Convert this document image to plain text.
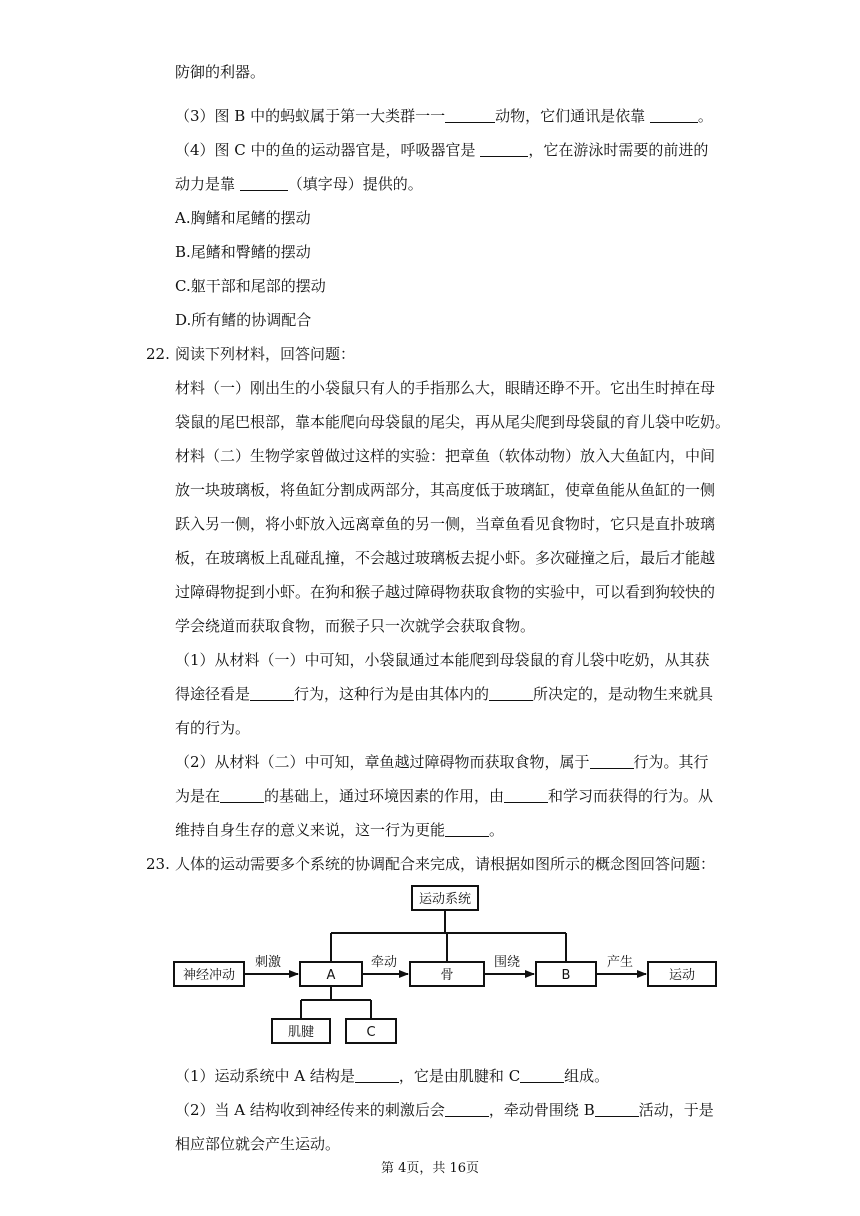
防御的利器。
（3）图 B 中的蚂蚁属于第一大类群一一	动物，它们通讯是依靠	。
（4）图 C 中的鱼的运动器官是，呼吸器官是	，它在游泳时需要的前进的
动力是靠	（填字母）提供的。
A.胸鳍和尾鳍的摆动
B.尾鳍和臀鳍的摆动
C.躯干部和尾部的摆动
D.所有鳍的协调配合
22. 阅读下列材料，回答问题：
材料（一）刚出生的小袋鼠只有人的手指那么大，眼睛还睁不开。它出生时掉在母
袋鼠的尾巴根部，靠本能爬向母袋鼠的尾尖，再从尾尖爬到母袋鼠的育儿袋中吃奶。
材料（二）生物学家曾做过这样的实验：把章鱼（软体动物）放入大鱼缸内，中间
放一块玻璃板，将鱼缸分割成两部分，其高度低于玻璃缸，使章鱼能从鱼缸的一侧
跃入另一侧，将小虾放入远离章鱼的另一侧，当章鱼看见食物时，它只是直扑玻璃
板，在玻璃板上乱碰乱撞，不会越过玻璃板去捉小虾。多次碰撞之后，最后才能越
过障碍物捉到小虾。在狗和猴子越过障碍物获取食物的实验中，可以看到狗较快的
学会绕道而获取食物，而猴子只一次就学会获取食物。
（1）从材料（一）中可知，小袋鼠通过本能爬到母袋鼠的育儿袋中吃奶，从其获
得途径看是	行为，这种行为是由其体内的	所决定的，是动物生来就具
有的行为。
（2）从材料（二）中可知，章鱼越过障碍物而获取食物，属于	行为。其行
为是在	的基础上，通过环境因素的作用，由	和学习而获得的行为。从
维持自身生存的意义来说，这一行为更能	。
23. 人体的运动需要多个系统的协调配合来完成，请根据如图所示的概念图回答问题：
运动系统
神经冲动
刺激
A
牵动
骨
围绕
B
产生
运动
肌腱	C
（1）运动系统中 A 结构是	，它是由肌腱和 C	组成。
（2）当 A 结构收到神经传来的刺激后会	，牵动骨围绕 B	活动，于是
相应部位就会产生运动。
第 4页，共 16页
